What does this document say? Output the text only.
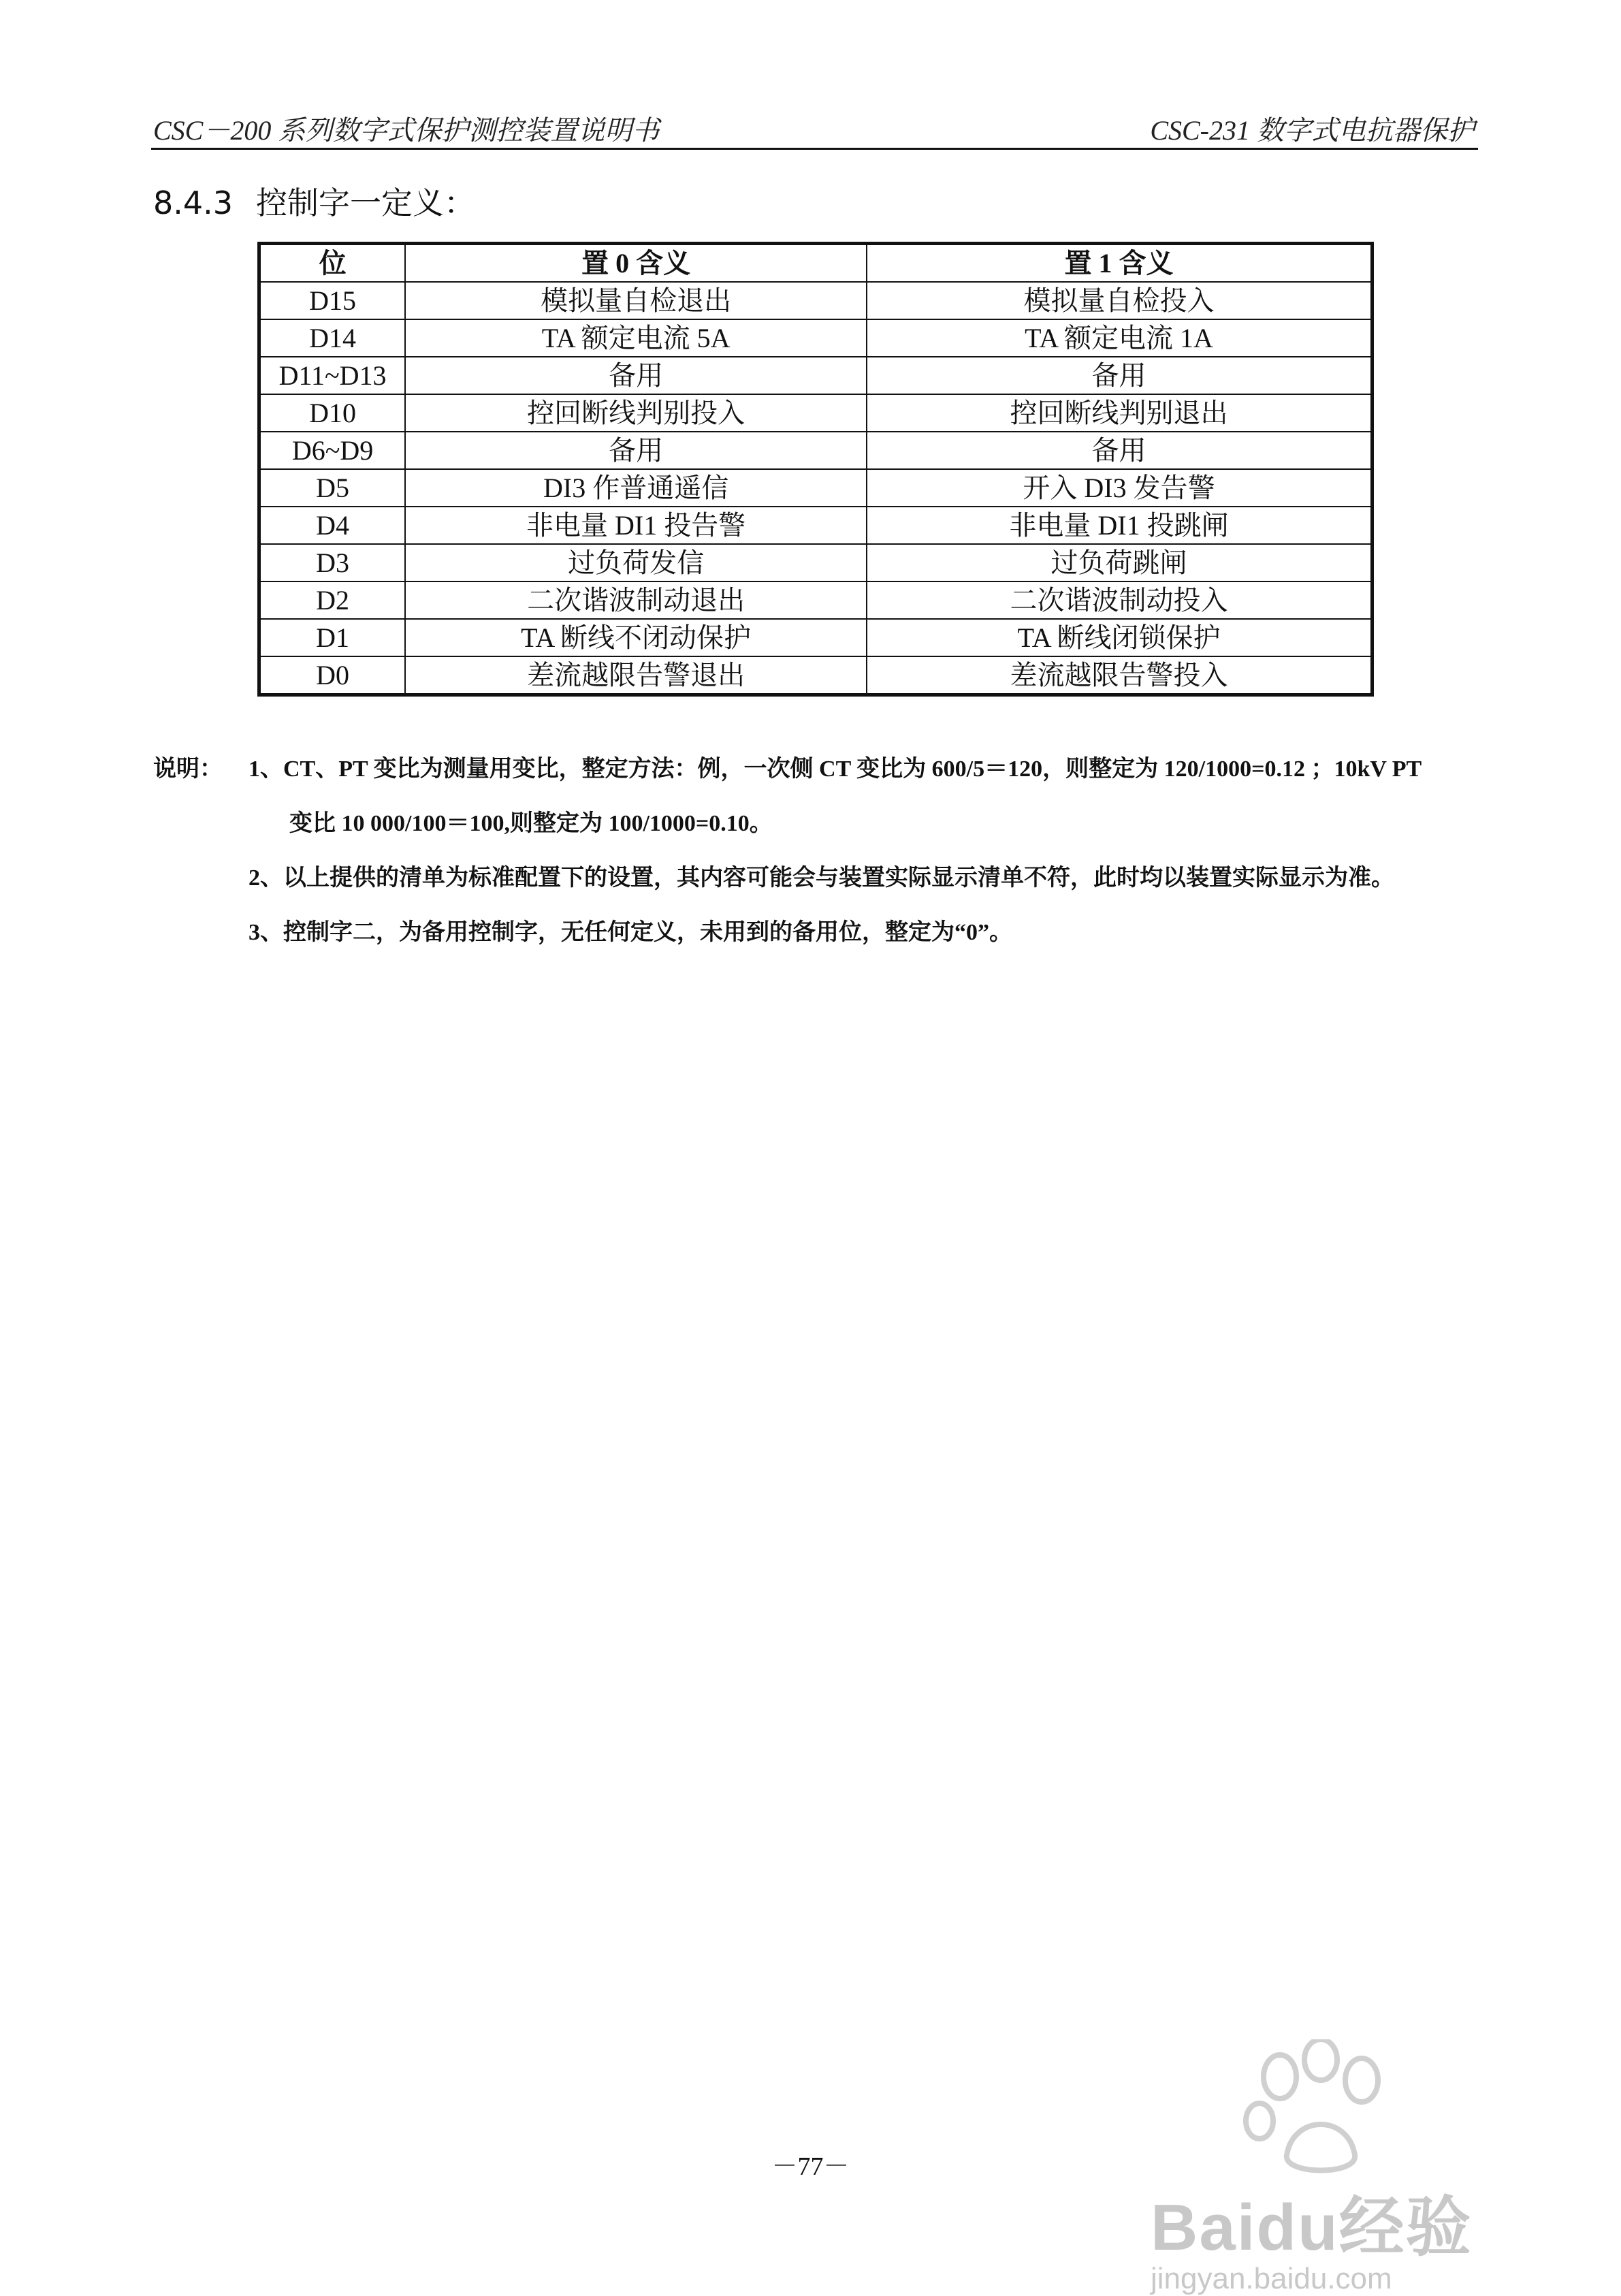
CSC－200 系列数字式保护测控装置说明书	CSC-231 数字式电抗器保护
8.4.3 控制字一定义：
位	置 0 含义	置 1 含义
D15	模拟量自检退出	模拟量自检投入
D14	TA 额定电流 5A	TA 额定电流 1A
D11~D13	备用	备用
D10	控回断线判别投入	控回断线判别退出
D6~D9	备用	备用
D5	DI3 作普通遥信	开入 DI3 发告警
D4	非电量 DI1 投告警	非电量 DI1 投跳闸
D3	过负荷发信	过负荷跳闸
D2	二次谐波制动退出	二次谐波制动投入
D1	TA 断线不闭动保护	TA 断线闭锁保护
D0	差流越限告警退出	差流越限告警投入
说明： 1、CT、PT 变比为测量用变比，整定方法：例，一次侧 CT 变比为 600/5＝120，则整定为 120/1000=0.12 ；10kV PT
变比 10 000/100＝100,则整定为 100/1000=0.10。
2、以上提供的清单为标准配置下的设置，其内容可能会与装置实际显示清单不符，此时均以装置实际显示为准。
3、控制字二，为备用控制字，无任何定义，未用到的备用位，整定为“0”。
－77－
Baidu经验
jingyan.baidu.com
